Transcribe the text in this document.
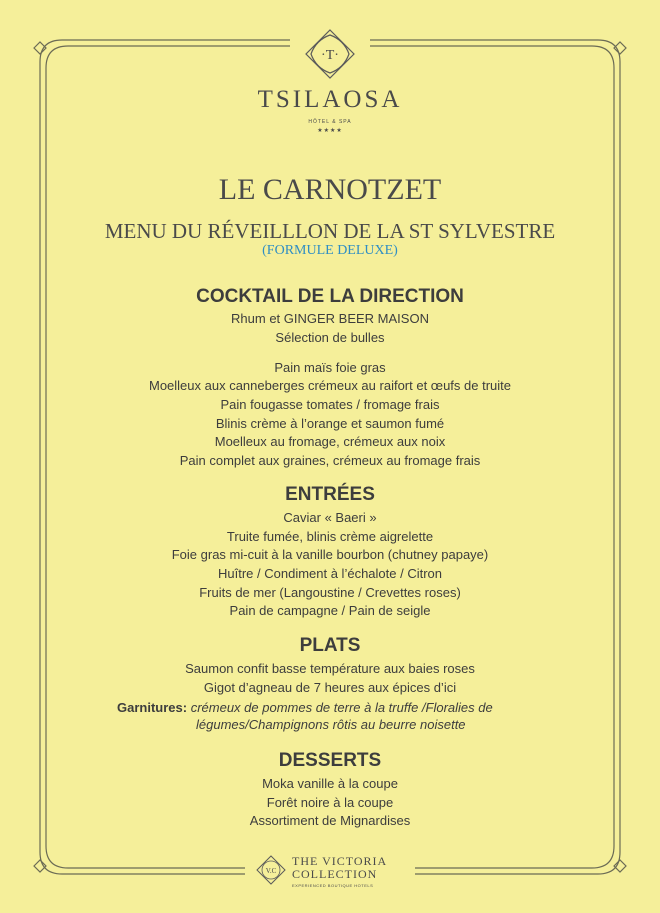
·T·
TSILAOSA
HÔTEL & SPA
★★★★
LE CARNOTZET
MENU DU RÉVEILLLON DE LA ST SYLVESTRE
(FORMULE DELUXE)
COCKTAIL DE LA DIRECTION
Rhum et GINGER BEER MAISON
Sélection de bulles
Pain maïs foie gras
Moelleux aux canneberges crémeux au raifort et œufs de truite
Pain fougasse tomates / fromage frais
Blinis crème à l’orange et saumon fumé
Moelleux au fromage, crémeux aux noix
Pain complet aux graines, crémeux au fromage frais
ENTRÉES
Caviar « Baeri »
Truite fumée, blinis crème aigrelette
Foie gras mi-cuit à la vanille bourbon (chutney papaye)
Huître / Condiment à l’échalote / Citron
Fruits de mer (Langoustine / Crevettes roses)
Pain de campagne / Pain de seigle
PLATS
Saumon confit basse température aux baies roses
Gigot d’agneau de 7 heures aux épices d’ici
Garnitures: crémeux de pommes de terre à la truffe /Floralies de
légumes/Champignons rôtis au beurre noisette
DESSERTS
Moka vanille à la coupe
Forêt noire à la coupe
Assortiment de Mignardises
V.C
THE VICTORIA
COLLECTION
EXPERIENCED BOUTIQUE HOTELS
